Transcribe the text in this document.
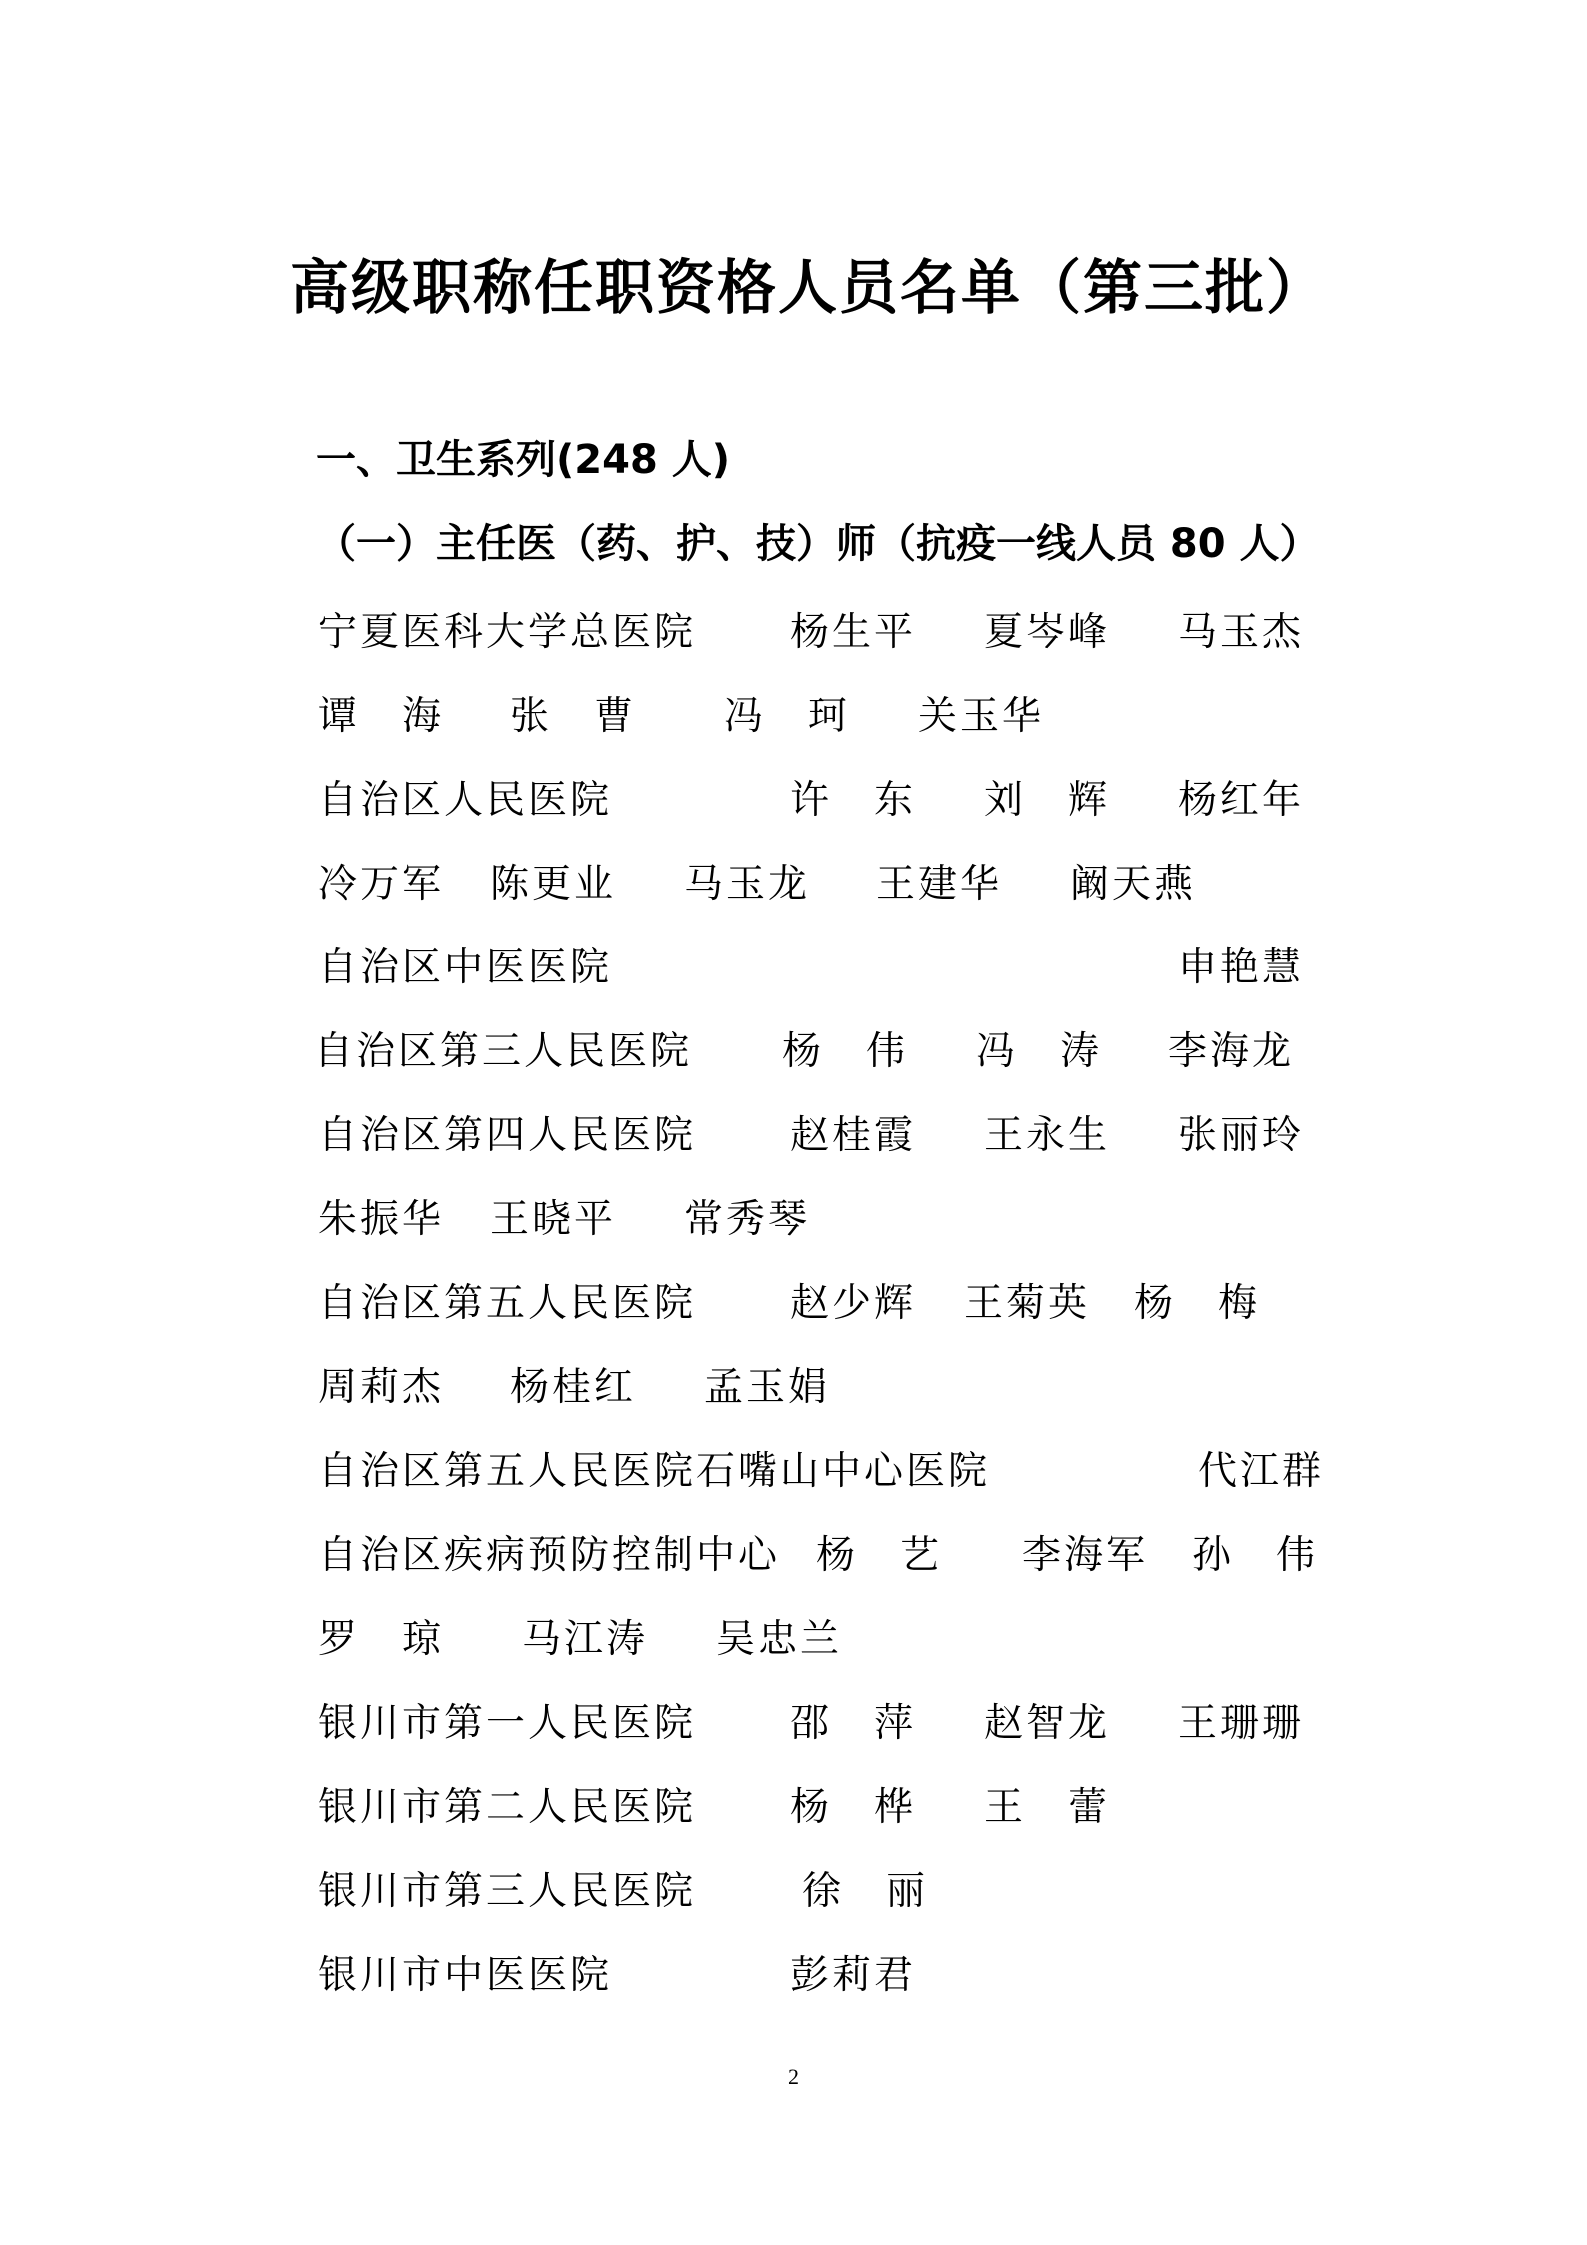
高级职称任职资格人员名单（第三批）
一、卫生系列(248 人)
（一）主任医（药、护、技）师（抗疫一线人员 80 人）
宁夏医科大学总医院 杨生平 夏岑峰 马玉杰
谭　海 张　曹 冯　珂 关玉华
自治区人民医院	许　东 刘　辉 杨红年
冷万军 陈更业 马玉龙 王建华 阚天燕
自治区中医医院	申艳慧
自治区第三人民医院 杨　伟 冯　涛 李海龙
自治区第四人民医院 赵桂霞 王永生 张丽玲
朱振华 王晓平 常秀琴
自治区第五人民医院 赵少辉 王菊英 杨　梅
周莉杰 杨桂红 孟玉娟
自治区第五人民医院石嘴山中心医院	代江群
自治区疾病预防控制中心 杨　艺 李海军 孙　伟
罗　琼 马江涛 吴忠兰
银川市第一人民医院 邵　萍 赵智龙 王珊珊
银川市第二人民医院 杨　桦 王　蕾
银川市第三人民医院	徐　丽
银川市中医医院	彭莉君
2
